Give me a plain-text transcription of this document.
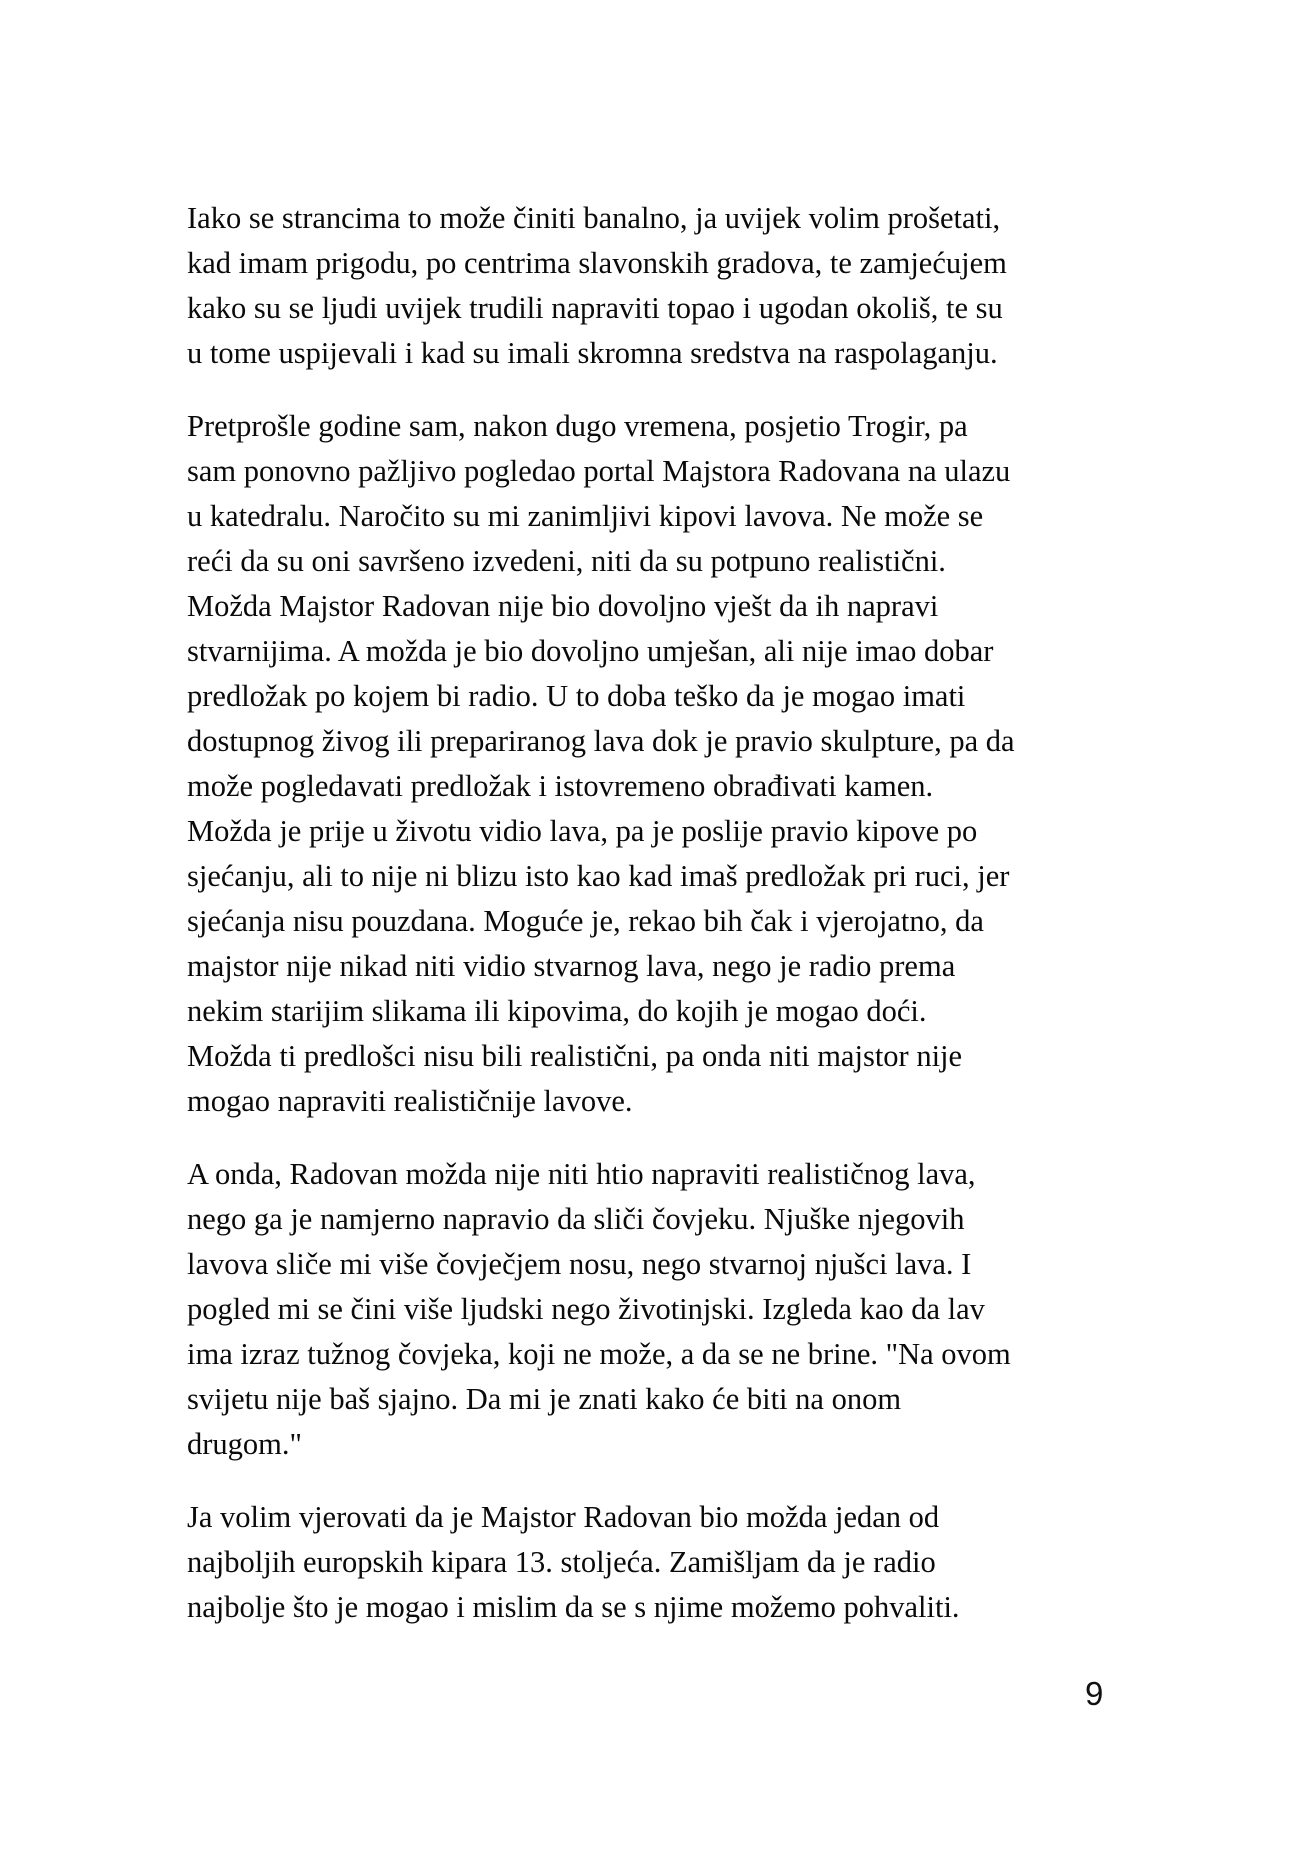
Iako se strancima to može činiti banalno, ja uvijek volim prošetati,
kad imam prigodu, po centrima slavonskih gradova, te zamjećujem
kako su se ljudi uvijek trudili napraviti topao i ugodan okoliš, te su
u tome uspijevali i kad su imali skromna sredstva na raspolaganju.
Pretprošle godine sam, nakon dugo vremena, posjetio Trogir, pa
sam ponovno pažljivo pogledao portal Majstora Radovana na ulazu
u katedralu. Naročito su mi zanimljivi kipovi lavova. Ne može se
reći da su oni savršeno izvedeni, niti da su potpuno realistični.
Možda Majstor Radovan nije bio dovoljno vješt da ih napravi
stvarnijima. A možda je bio dovoljno umješan, ali nije imao dobar
predložak po kojem bi radio. U to doba teško da je mogao imati
dostupnog živog ili prepariranog lava dok je pravio skulpture, pa da
može pogledavati predložak i istovremeno obrađivati kamen.
Možda je prije u životu vidio lava, pa je poslije pravio kipove po
sjećanju, ali to nije ni blizu isto kao kad imaš predložak pri ruci, jer
sjećanja nisu pouzdana. Moguće je, rekao bih čak i vjerojatno, da
majstor nije nikad niti vidio stvarnog lava, nego je radio prema
nekim starijim slikama ili kipovima, do kojih je mogao doći.
Možda ti predlošci nisu bili realistični, pa onda niti majstor nije
mogao napraviti realističnije lavove.
A onda, Radovan možda nije niti htio napraviti realističnog lava,
nego ga je namjerno napravio da sliči čovjeku. Njuške njegovih
lavova sliče mi više čovječjem nosu, nego stvarnoj njušci lava. I
pogled mi se čini više ljudski nego životinjski. Izgleda kao da lav
ima izraz tužnog čovjeka, koji ne može, a da se ne brine. "Na ovom
svijetu nije baš sjajno. Da mi je znati kako će biti na onom
drugom."
Ja volim vjerovati da je Majstor Radovan bio možda jedan od
najboljih europskih kipara 13. stoljeća. Zamišljam da je radio
najbolje što je mogao i mislim da se s njime možemo pohvaliti.
9
